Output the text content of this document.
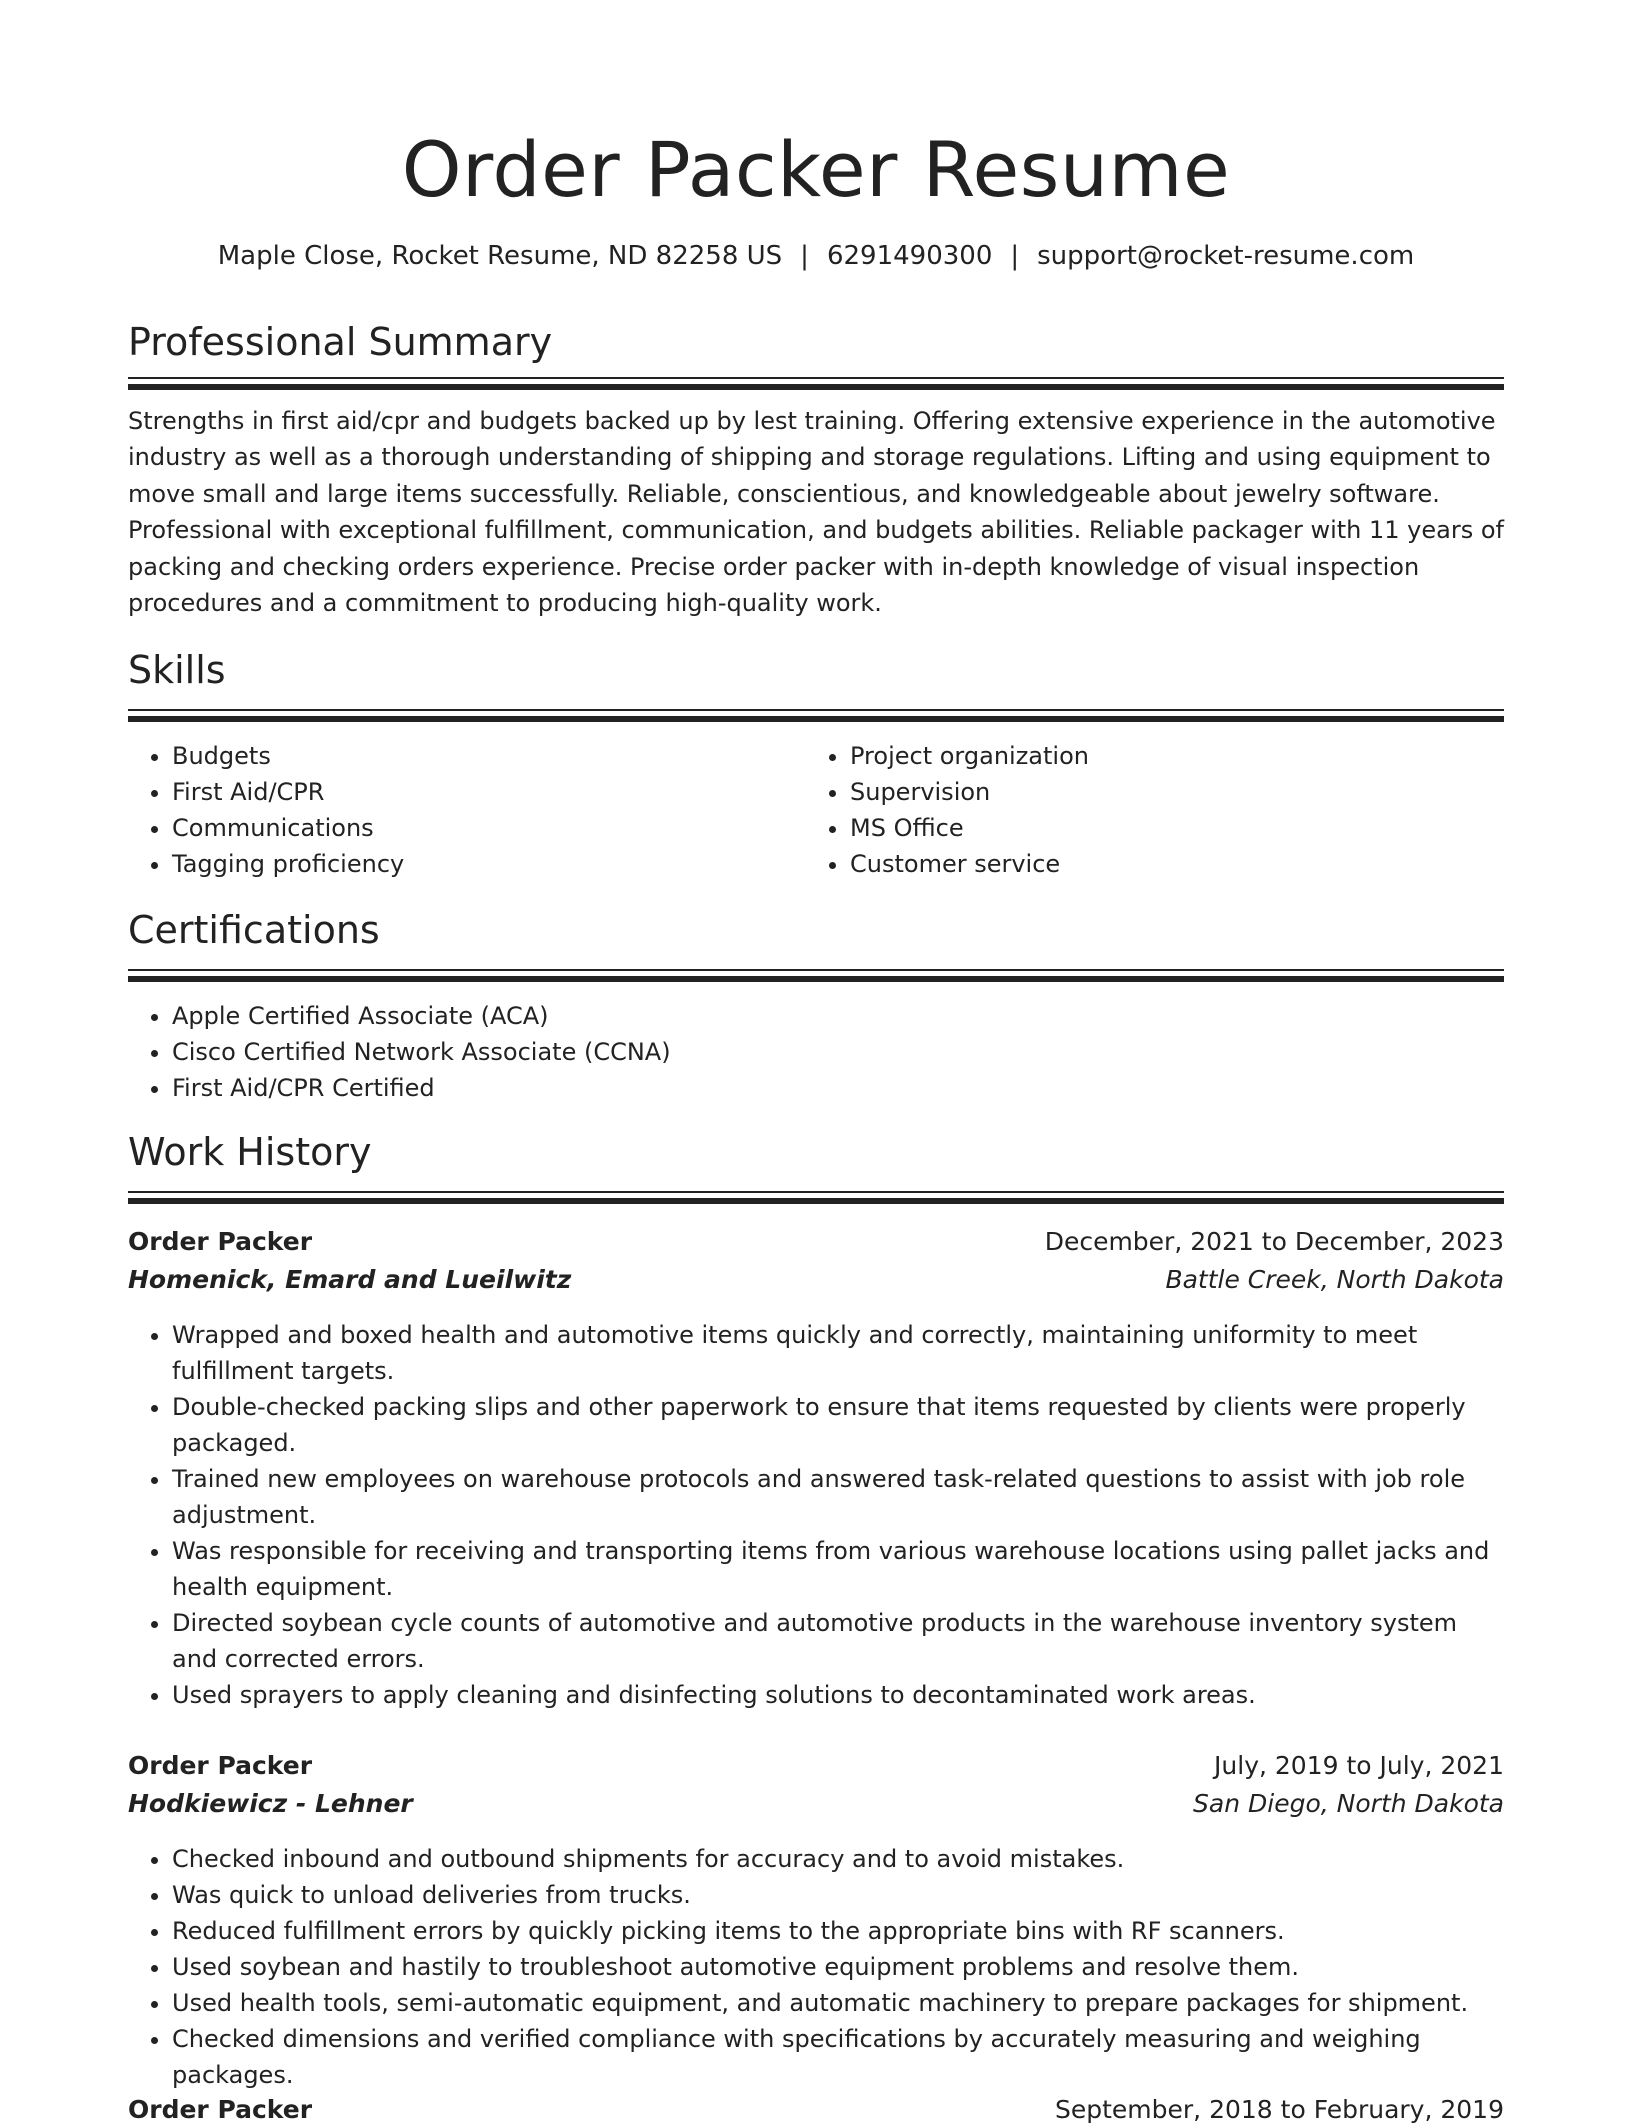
Order Packer Resume
Maple Close, Rocket Resume, ND 82258 US | 6291490300 | support@rocket-resume.com
Professional Summary

Strengths in first aid/cpr and budgets backed up by lest training. Offering extensive experience in the automotive industry as well as a thorough understanding of shipping and storage regulations. Lifting and using equipment to move small and large items successfully. Reliable, conscientious, and knowledgeable about jewelry software. Professional with exceptional fulfillment, communication, and budgets abilities. Reliable packager with 11 years of packing and checking orders experience. Precise order packer with in-depth knowledge of visual inspection procedures and a commitment to producing high-quality work.

Skills
• Budgets
• First Aid/CPR
• Communications
• Tagging proficiency
• Project organization
• Supervision
• MS Office
• Customer service
Certifications
• Apple Certified Associate (ACA)
• Cisco Certified Network Associate (CCNA)
• First Aid/CPR Certified
Work History
Order Packer	December, 2021 to December, 2023
Homenick, Emard and Lueilwitz	Battle Creek, North Dakota
• Wrapped and boxed health and automotive items quickly and correctly, maintaining uniformity to meet fulfillment targets.
• Double-checked packing slips and other paperwork to ensure that items requested by clients were properly packaged.
• Trained new employees on warehouse protocols and answered task-related questions to assist with job role adjustment.
• Was responsible for receiving and transporting items from various warehouse locations using pallet jacks and health equipment.
• Directed soybean cycle counts of automotive and automotive products in the warehouse inventory system and corrected errors.
• Used sprayers to apply cleaning and disinfecting solutions to decontaminated work areas.
Order Packer	July, 2019 to July, 2021
Hodkiewicz - Lehner	San Diego, North Dakota
• Checked inbound and outbound shipments for accuracy and to avoid mistakes.
• Was quick to unload deliveries from trucks.
• Reduced fulfillment errors by quickly picking items to the appropriate bins with RF scanners.
• Used soybean and hastily to troubleshoot automotive equipment problems and resolve them.
• Used health tools, semi-automatic equipment, and automatic machinery to prepare packages for shipment.
• Checked dimensions and verified compliance with specifications by accurately measuring and weighing packages.
Order Packer	September, 2018 to February, 2019
